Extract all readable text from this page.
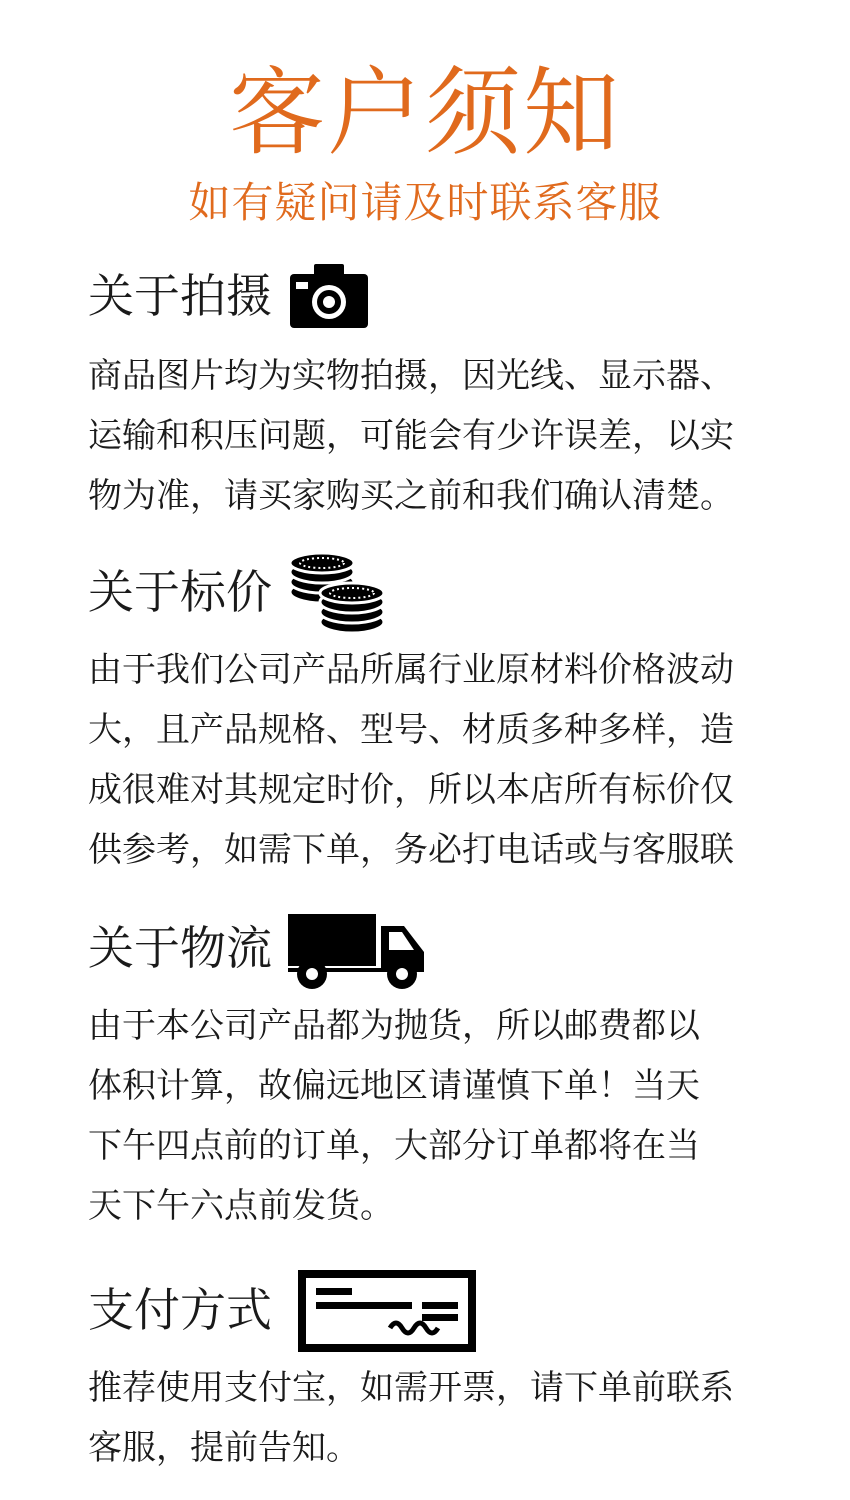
客户须知
如有疑问请及时联系客服
关于拍摄
商品图片均为实物拍摄，因光线、显示器、
运输和积压问题，可能会有少许误差，以实
物为准，请买家购买之前和我们确认清楚。
关于标价
由于我们公司产品所属行业原材料价格波动
大，且产品规格、型号、材质多种多样，造
成很难对其规定时价，所以本店所有标价仅
供参考，如需下单，务必打电话或与客服联
关于物流
由于本公司产品都为抛货，所以邮费都以
体积计算，故偏远地区请谨慎下单！当天
下午四点前的订单，大部分订单都将在当
天下午六点前发货。
支付方式
推荐使用支付宝，如需开票，请下单前联系
客服，提前告知。
